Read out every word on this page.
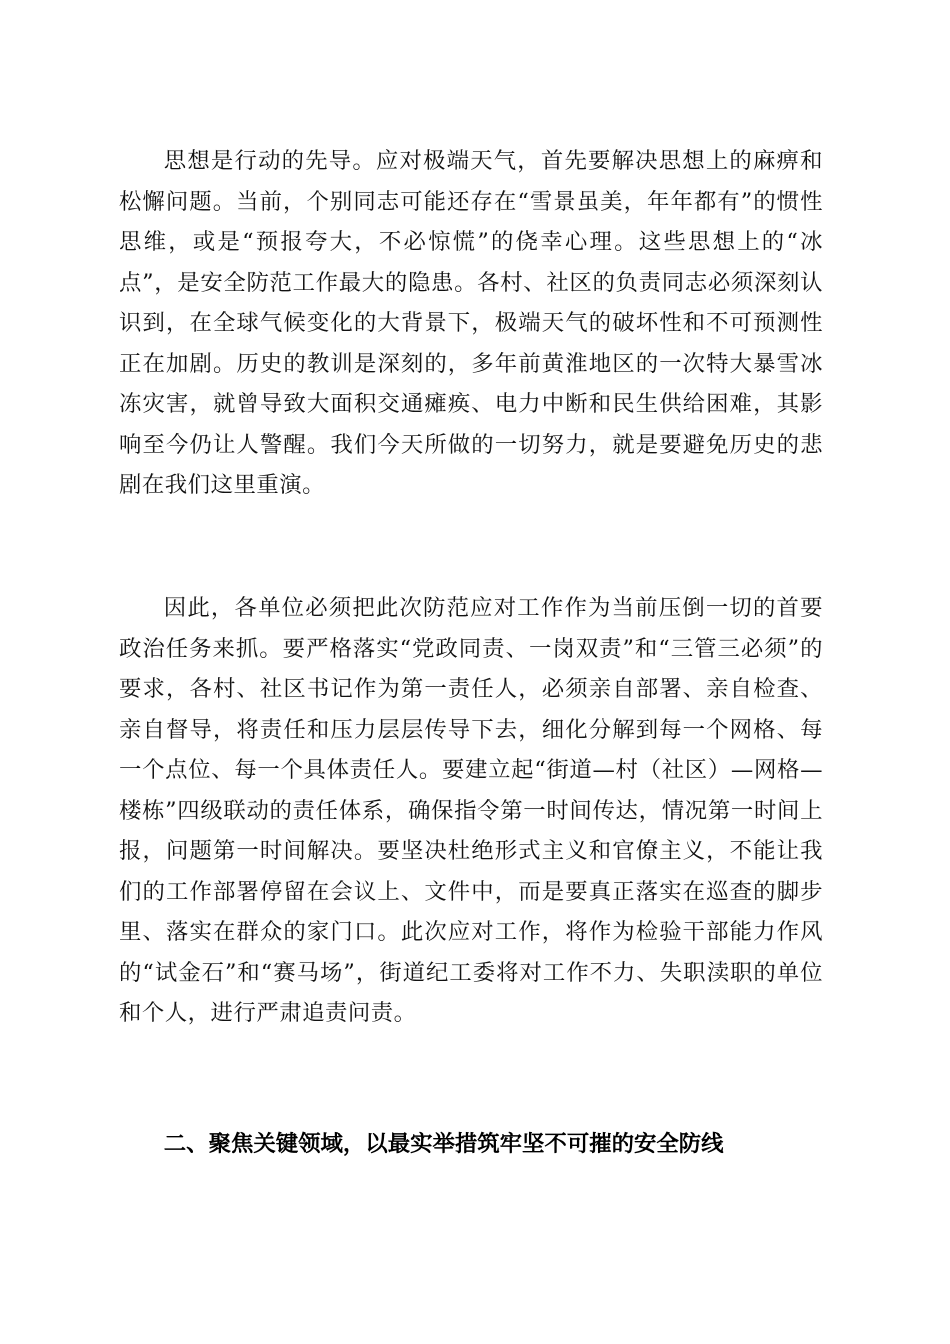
思想是行动的先导。应对极端天气，首先要解决思想上的麻痹和松懈问题。当前，个别同志可能还存在“雪景虽美，年年都有”的惯性思维，或是“预报夸大，不必惊慌”的侥幸心理。这些思想上的“冰点”，是安全防范工作最大的隐患。各村、社区的负责同志必须深刻认识到，在全球气候变化的大背景下，极端天气的破坏性和不可预测性正在加剧。历史的教训是深刻的，多年前黄淮地区的一次特大暴雪冰冻灾害，就曾导致大面积交通瘫痪、电力中断和民生供给困难，其影响至今仍让人警醒。我们今天所做的一切努力，就是要避免历史的悲剧在我们这里重演。

因此，各单位必须把此次防范应对工作作为当前压倒一切的首要政治任务来抓。要严格落实“党政同责、一岗双责”和“三管三必须”的要求，各村、社区书记作为第一责任人，必须亲自部署、亲自检查、亲自督导，将责任和压力层层传导下去，细化分解到每一个网格、每一个点位、每一个具体责任人。要建立起“街道—村（社区）—网格—楼栋”四级联动的责任体系，确保指令第一时间传达，情况第一时间上报，问题第一时间解决。要坚决杜绝形式主义和官僚主义，不能让我们的工作部署停留在会议上、文件中，而是要真正落实在巡查的脚步里、落实在群众的家门口。此次应对工作，将作为检验干部能力作风的“试金石”和“赛马场”，街道纪工委将对工作不力、失职渎职的单位和个人，进行严肃追责问责。

二、聚焦关键领域，以最实举措筑牢坚不可摧的安全防线
